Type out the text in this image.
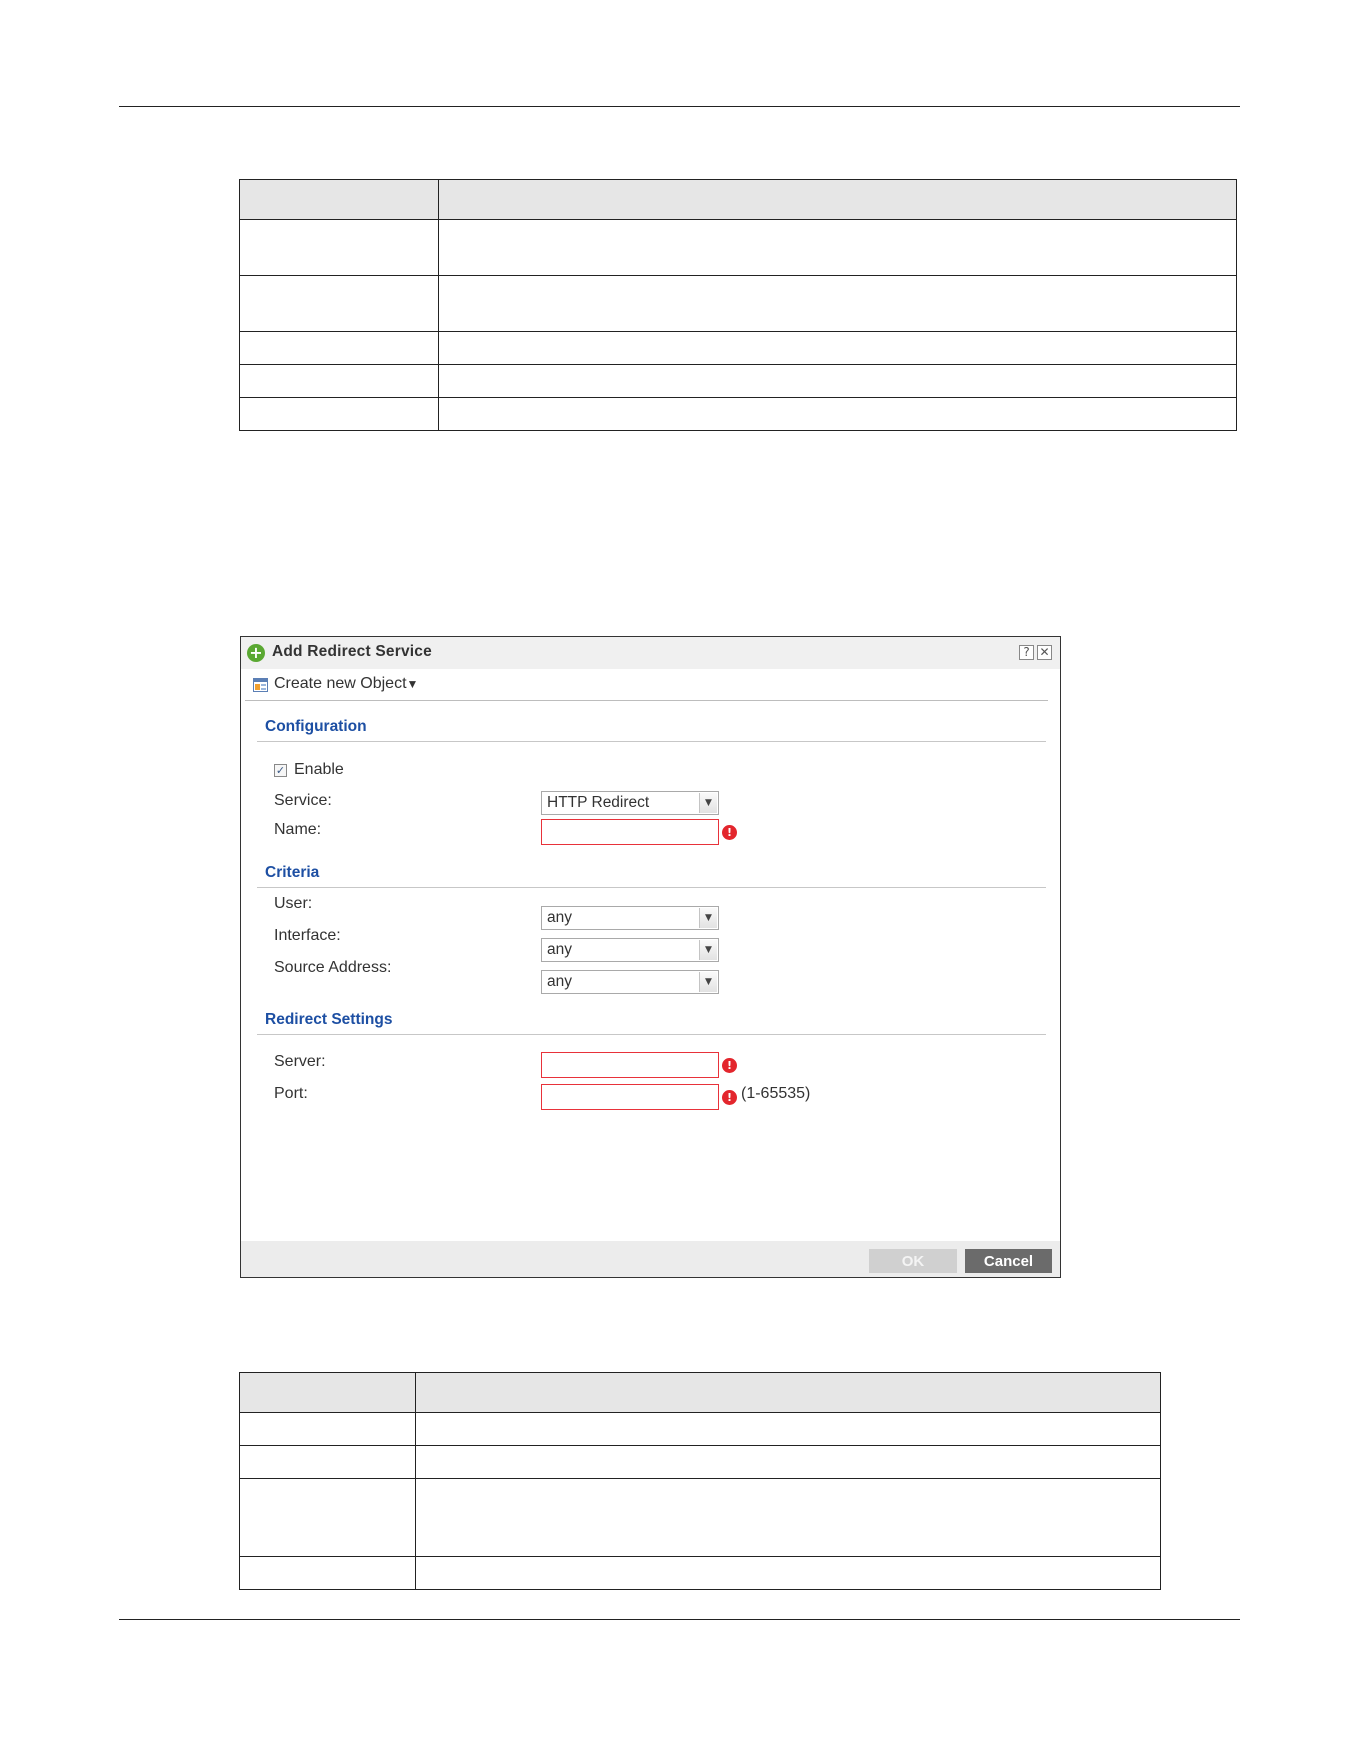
+ Add Redirect Service	? ✕
Create new Object▼
Configuration
✓ Enable
Service:	HTTP Redirect	▼
Name:	!
Criteria
User:
any	▼
Interface:
any	▼
Source Address:
any	▼
Redirect Settings
Server:	!
Port:	! (1-65535)
OK	Cancel
